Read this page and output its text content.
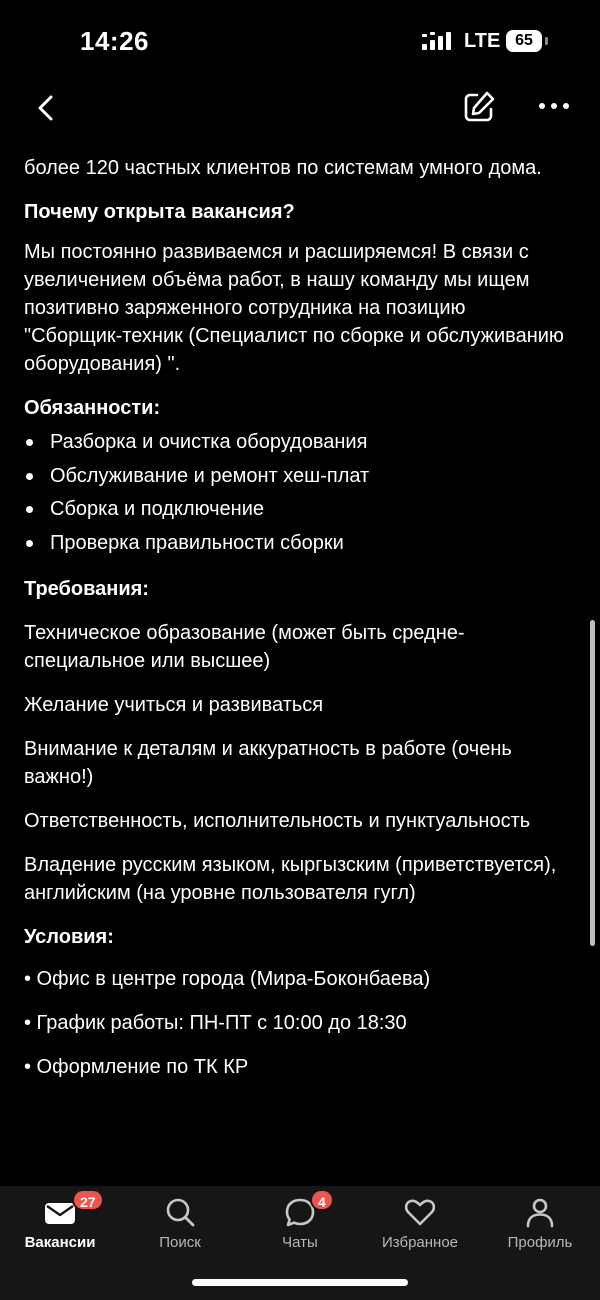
14:26	LTE 65

более 120 частных клиентов по системам умного дома.

Почему открыта вакансия?

Мы постоянно развиваемся и расширяемся! В связи с увеличением объёма работ, в нашу команду мы ищем позитивно заряженного сотрудника на позицию "Сборщик-техник (Специалист по сборке и обслуживанию оборудования) ".

Обязанности:
Разборка и очистка оборудования
Обслуживание и ремонт хеш-плат
Сборка и подключение
Проверка правильности сборки
Требования:

Техническое образование (может быть средне-специальное или высшее)

Желание учиться и развиваться

Внимание к деталям и аккуратность в работе (очень важно!)

Ответственность, исполнительность и пунктуальность

Владение русским языком, кыргызским (приветствуется), английским (на уровне пользователя гугл)

Условия:

• Офис в центре города (Мира-Боконбаева)

• График работы: ПН-ПТ с 10:00 до 18:30

• Оформление по ТК КР

27
Вакансии	Поиск
4
Чаты	Избранное	Профиль
